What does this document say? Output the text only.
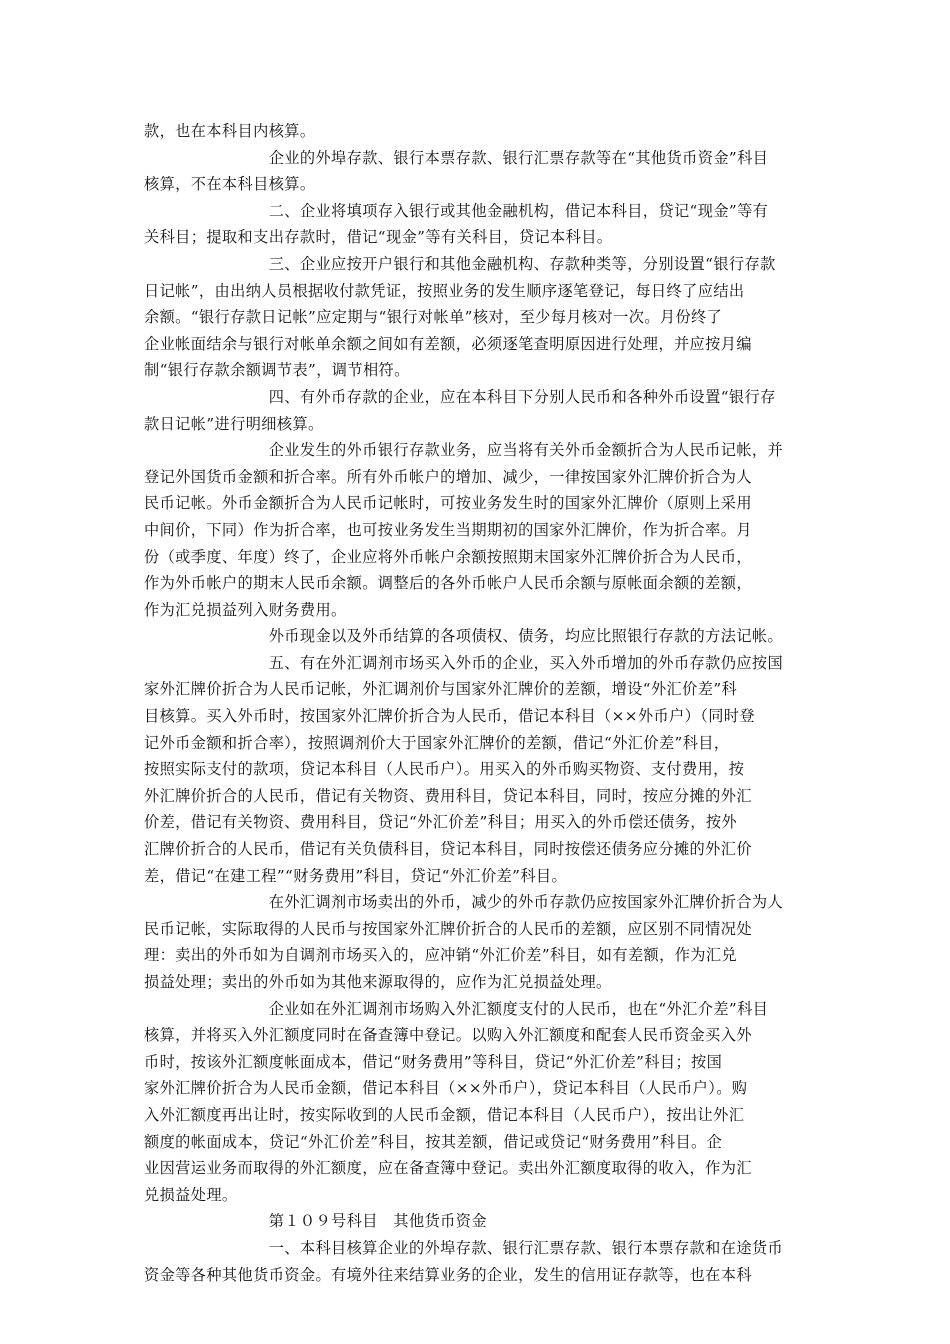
款，也在本科目内核算。

　　　　　　　　企业的外埠存款、银行本票存款、银行汇票存款等在“其他货币资金”科目

核算，不在本科目核算。

　　　　　　　　二、企业将填项存入银行或其他金融机构，借记本科目，贷记“现金”等有

关科目；提取和支出存款时，借记“现金”等有关科目，贷记本科目。

　　　　　　　　三、企业应按开户银行和其他金融机构、存款种类等，分别设置“银行存款

日记帐”，由出纳人员根据收付款凭证，按照业务的发生顺序逐笔登记，每日终了应结出

余额。“银行存款日记帐”应定期与“银行对帐单”核对，至少每月核对一次。月份终了

企业帐面结余与银行对帐单余额之间如有差额，必须逐笔查明原因进行处理，并应按月编

制“银行存款余额调节表”，调节相符。

　　　　　　　　四、有外币存款的企业，应在本科目下分别人民币和各种外币设置“银行存

款日记帐”进行明细核算。

　　　　　　　　企业发生的外币银行存款业务，应当将有关外币金额折合为人民币记帐，并

登记外国货币金额和折合率。所有外币帐户的增加、减少，一律按国家外汇牌价折合为人

民币记帐。外币金额折合为人民币记帐时，可按业务发生时的国家外汇牌价（原则上采用

中间价，下同）作为折合率，也可按业务发生当期期初的国家外汇牌价，作为折合率。月

份（或季度、年度）终了，企业应将外币帐户余额按照期末国家外汇牌价折合为人民币，

作为外币帐户的期末人民币余额。调整后的各外币帐户人民币余额与原帐面余额的差额，

作为汇兑损益列入财务费用。

　　　　　　　　外币现金以及外币结算的各项债权、债务，均应比照银行存款的方法记帐。

　　　　　　　　五、有在外汇调剂市场买入外币的企业，买入外币增加的外币存款仍应按国

家外汇牌价折合为人民币记帐，外汇调剂价与国家外汇牌价的差额，增设“外汇价差”科

目核算。买入外币时，按国家外汇牌价折合为人民币，借记本科目（××外币户）（同时登

记外币金额和折合率），按照调剂价大于国家外汇牌价的差额，借记“外汇价差”科目，

按照实际支付的款项，贷记本科目（人民币户）。用买入的外币购买物资、支付费用，按

外汇牌价折合的人民币，借记有关物资、费用科目，贷记本科目，同时，按应分摊的外汇

价差，借记有关物资、费用科目，贷记“外汇价差”科目；用买入的外币偿还债务，按外

汇牌价折合的人民币，借记有关负债科目，贷记本科目，同时按偿还债务应分摊的外汇价

差，借记“在建工程”“财务费用”科目，贷记“外汇价差”科目。

　　　　　　　　在外汇调剂市场卖出的外币，减少的外币存款仍应按国家外汇牌价折合为人

民币记帐，实际取得的人民币与按国家外汇牌价折合的人民币的差额，应区别不同情况处

理：卖出的外币如为自调剂市场买入的，应冲销“外汇价差”科目，如有差额，作为汇兑

损益处理；卖出的外币如为其他来源取得的，应作为汇兑损益处理。

　　　　　　　　企业如在外汇调剂市场购入外汇额度支付的人民币，也在“外汇介差”科目

核算，并将买入外汇额度同时在备查簿中登记。以购入外汇额度和配套人民币资金买入外

币时，按该外汇额度帐面成本，借记“财务费用”等科目，贷记“外汇价差”科目；按国

家外汇牌价折合为人民币金额，借记本科目（××外币户），贷记本科目（人民币户）。购

入外汇额度再出让时，按实际收到的人民币金额，借记本科目（人民币户），按出让外汇

额度的帐面成本，贷记“外汇价差”科目，按其差额，借记或贷记“财务费用”科目。企

业因营运业务而取得的外汇额度，应在备查簿中登记。卖出外汇额度取得的收入，作为汇

兑损益处理。

　　　　　　　　第１０９号科目　其他货币资金

　　　　　　　　一、本科目核算企业的外埠存款、银行汇票存款、银行本票存款和在途货币

资金等各种其他货币资金。有境外往来结算业务的企业，发生的信用证存款等，也在本科
